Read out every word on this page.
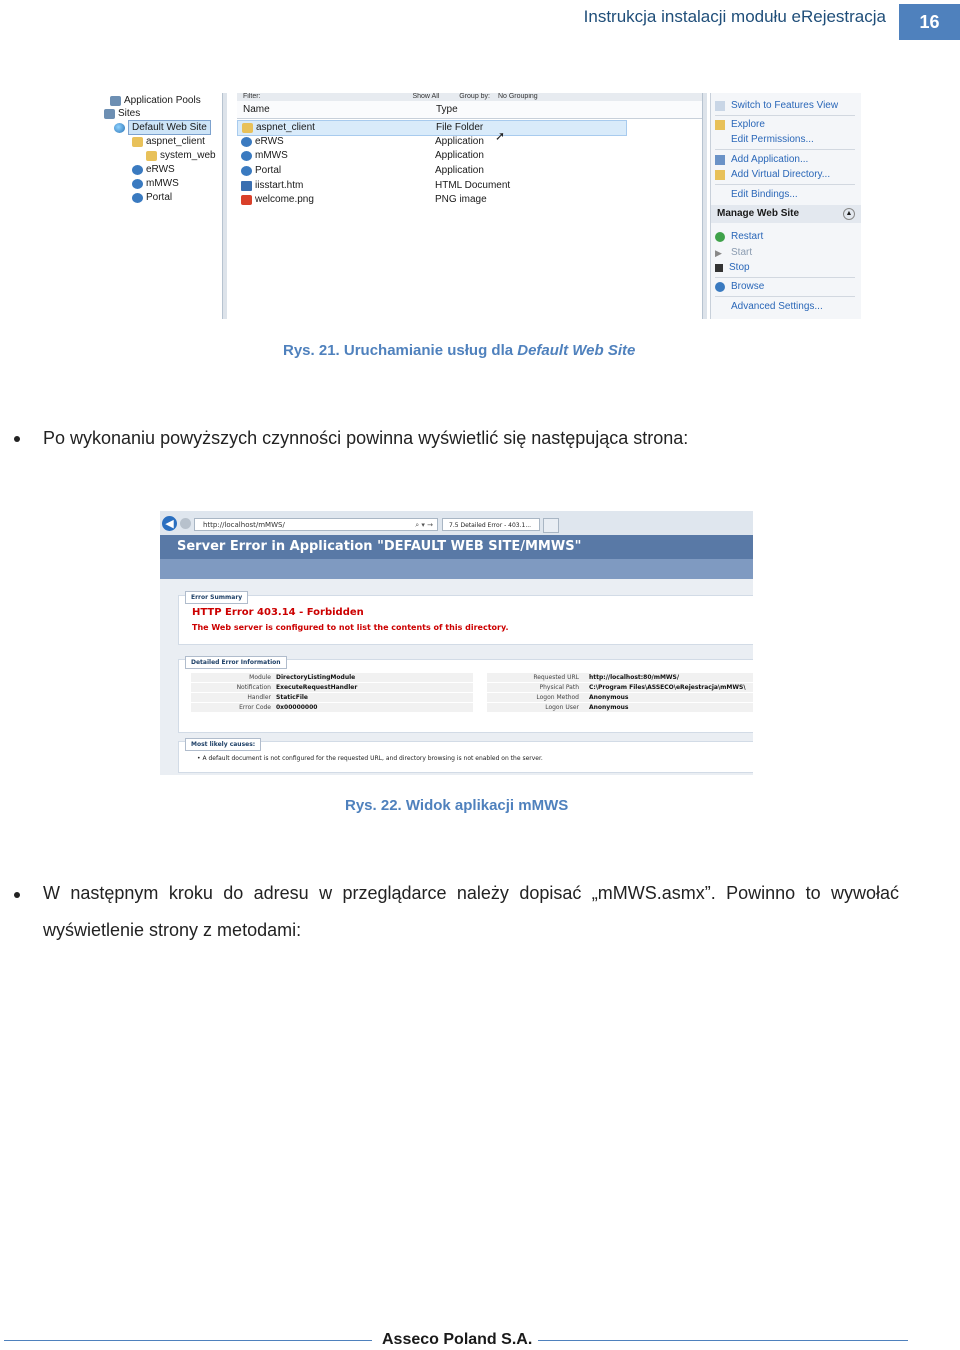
Instrukcja instalacji modułu eRejestracja	16
Application Pools
Sites
Default Web Site
aspnet_client
system_web
eRWS
mMWS
Portal
Filter:	Show All	Group by: No Grouping
Name	Type
aspnet_client	File Folder
eRWS	Application
mMWS	Application
Portal	Application
iisstart.htm	HTML Document
welcome.png	PNG image
➚
Switch to Features View
Explore
Edit Permissions...
Add Application...
Add Virtual Directory...
Edit Bindings...
Manage Web Site	▲
Restart
▶ Start
Stop
Browse
Advanced Settings...
Rys. 21. Uruchamianie usług dla Default Web Site
Po wykonaniu powyższych czynności powinna wyświetlić się następująca strona:
◀	http://localhost/mMWS/	⌕ ▾ →	7.5 Detailed Error - 403.1...
Server Error in Application "DEFAULT WEB SITE/MMWS"
Error Summary
HTTP Error 403.14 - Forbidden
The Web server is configured to not list the contents of this directory.
Detailed Error Information
Module DirectoryListingModule
Notification ExecuteRequestHandler
Handler StaticFile
Error Code 0x00000000
Requested URL http://localhost:80/mMWS/
Physical Path C:\Program Files\ASSECO\eRejestracja\mMWS\
Logon Method Anonymous
Logon User Anonymous
Most likely causes:
• A default document is not configured for the requested URL, and directory browsing is not enabled on the server.
Rys. 22. Widok aplikacji mMWS
W następnym kroku do adresu w przeglądarce należy dopisać „mMWS.asmx”. Powinno to wywołać
wyświetlenie strony z metodami:
Asseco Poland S.A.
